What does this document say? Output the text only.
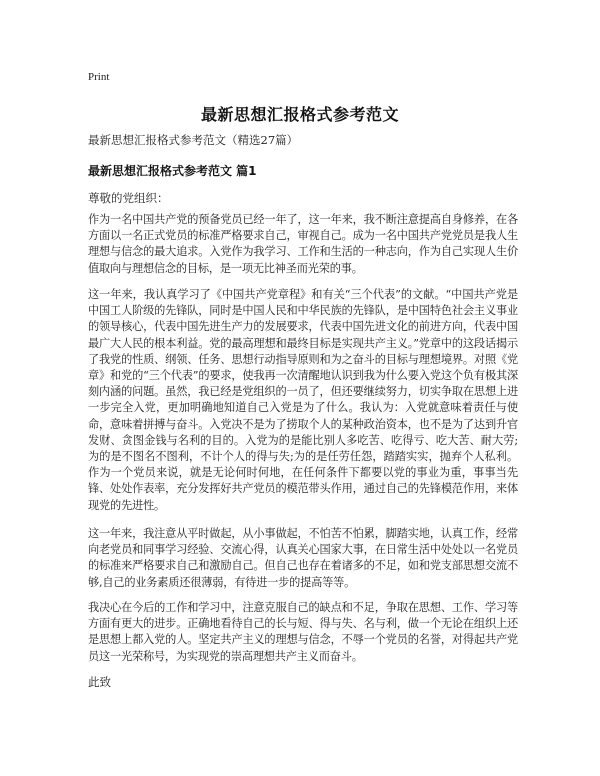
Print
最新思想汇报格式参考范文
最新思想汇报格式参考范文（精选27篇）
最新思想汇报格式参考范文 篇1
尊敬的党组织：
作为一名中国共产党的预备党员已经一年了，这一年来，我不断注意提高自身修养，在各方面以一名正式党员的标准严格要求自己，审视自己。成为一名中国共产党党员是我人生理想与信念的最大追求。入党作为我学习、工作和生活的一种志向，作为自己实现人生价值取向与理想信念的目标，是一项无比神圣而光荣的事。
这一年来，我认真学习了《中国共产党章程》和有关“三个代表”的文献。“中国共产党是中国工人阶级的先锋队，同时是中国人民和中华民族的先锋队，是中国特色社会主义事业的领导核心，代表中国先进生产力的发展要求，代表中国先进文化的前进方向，代表中国最广大人民的根本利益。党的最高理想和最终目标是实现共产主义。”党章中的这段话揭示了我党的性质、纲领、任务、思想行动指导原则和为之奋斗的目标与理想境界。对照《党章》和党的“三个代表”的要求，使我再一次清醒地认识到我为什么要入党这个负有极其深刻内涵的问题。虽然，我已经是党组织的一员了，但还要继续努力，切实争取在思想上进一步完全入党，更加明确地知道自己入党是为了什么。我认为：入党就意味着责任与使命，意味着拼搏与奋斗。入党决不是为了捞取个人的某种政治资本，也不是为了达到升官发财、贪图金钱与名利的目的。入党为的是能比别人多吃苦、吃得亏、吃大苦、耐大劳;为的是不图名不图利，不计个人的得与失;为的是任劳任怨，踏踏实实，抛弃个人私利。作为一个党员来说，就是无论何时何地，在任何条件下都要以党的事业为重，事事当先锋、处处作表率，充分发挥好共产党员的模范带头作用，通过自己的先锋模范作用，来体现党的先进性。
这一年来，我注意从平时做起，从小事做起，不怕苦不怕累，脚踏实地，认真工作，经常向老党员和同事学习经验、交流心得，认真关心国家大事，在日常生活中处处以一名党员的标准来严格要求自己和激励自己。但自己也存在着诸多的不足，如和党支部思想交流不够,自己的业务素质还很薄弱，有待进一步的提高等等。
我决心在今后的工作和学习中，注意克服自己的缺点和不足，争取在思想、工作、学习等方面有更大的进步。正确地看待自己的长与短、得与失、名与利，做一个无论在组织上还是思想上都入党的人。坚定共产主义的理想与信念，不辱一个党员的名誉，对得起共产党员这一光荣称号，为实现党的崇高理想共产主义而奋斗。
此致
